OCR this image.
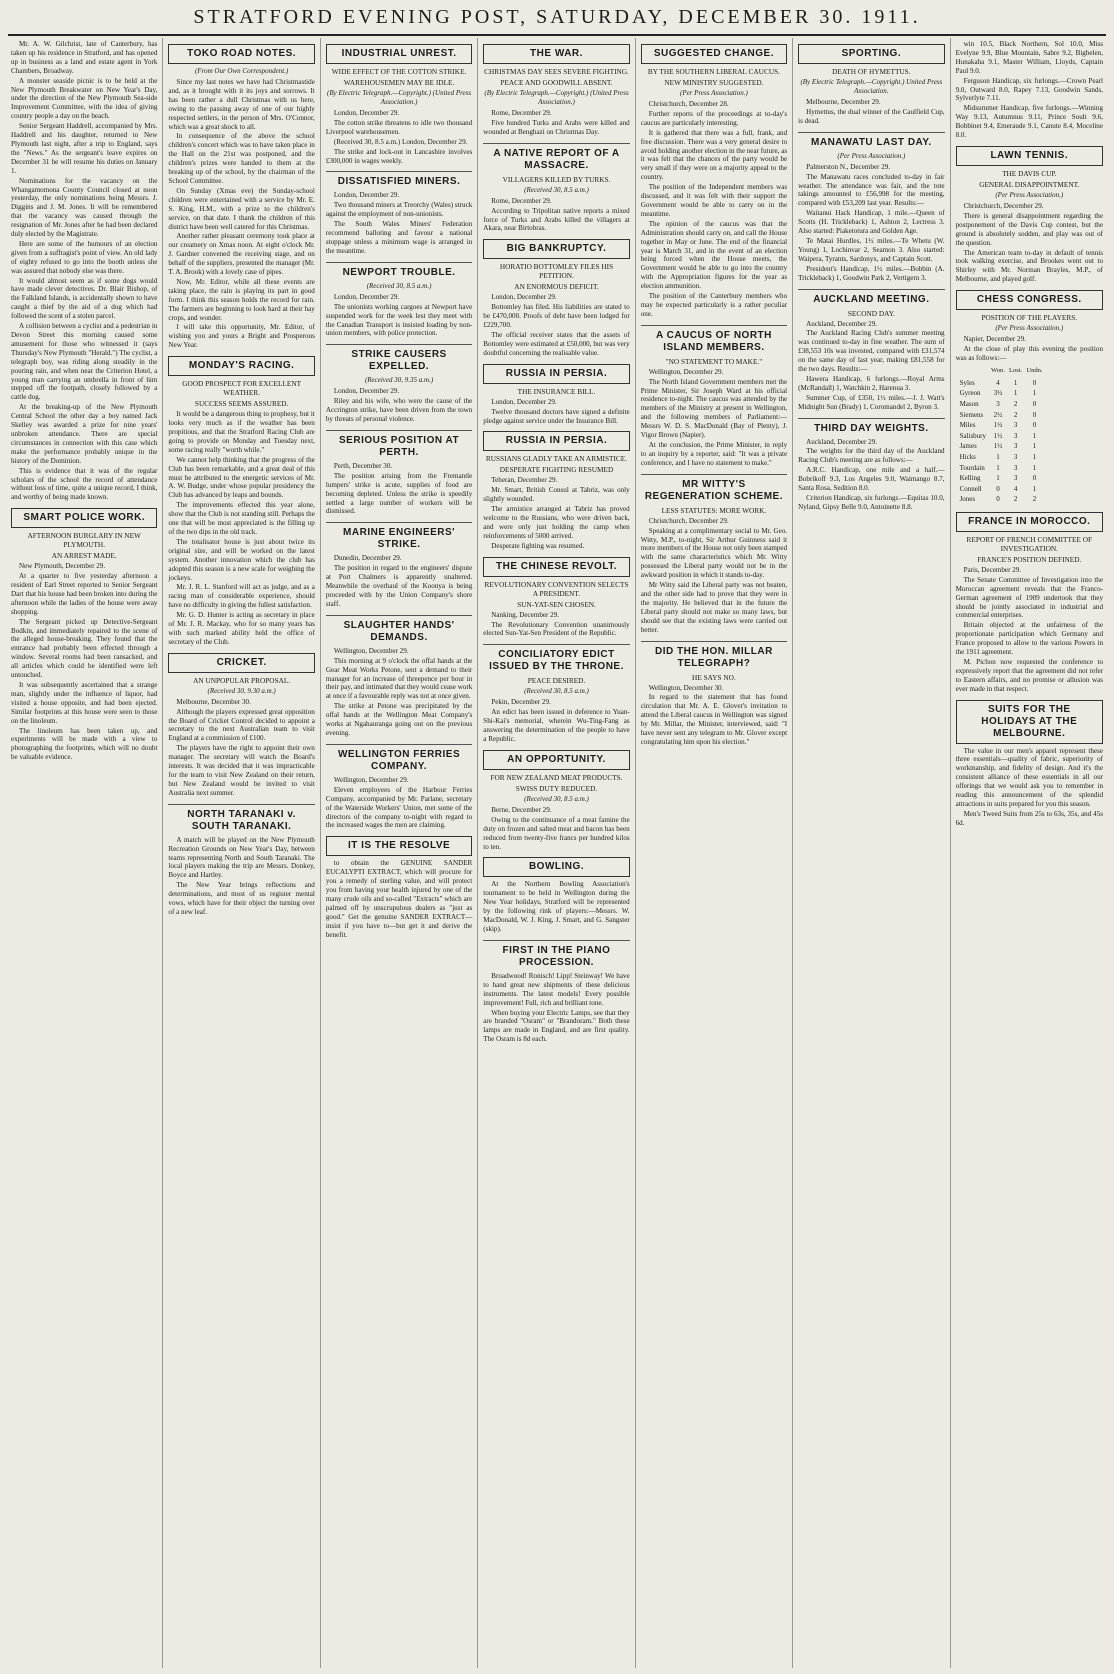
STRATFORD EVENING POST, SATURDAY, DECEMBER 30. 1911.

Mr. A. W. Gilchrist, late of Canterbury, has taken up his residence in Stratford, and has opened up in business as a land and estate agent in York Chambers, Broadway.

A monster seaside picnic is to be held at the New Plymouth Breakwater on New Year's Day, under the direction of the New Plymouth Sea-side Improvement Committee, with the idea of giving country people a day on the beach.

Senior Sergeant Haddrell, accompanied by Mrs. Haddrell and his daughter, returned to New Plymouth last night, after a trip to England, says the "News." As the sergeant's leave expires on December 31 he will resume his duties on January 1.

Nominations for the vacancy on the Whangamomona County Council closed at noon yesterday, the only nominations being Messrs. J. Diggins and J. M. Jones. It will be remembered that the vacancy was caused through the resignation of Mr. Jones after he had been declared duly elected by the Magistrate.

Here are some of the humours of an election given from a suffragist's point of view. An old lady of eighty refused to go into the booth unless she was assured that nobody else was there.

It would almost seem as if some dogs would have made clever detectives. Dr. Blair Bishop, of the Falkland Islands, is accidentally shown to have caught a thief by the aid of a dog which had followed the scent of a stolen parcel.

A collision between a cyclist and a pedestrian in Devon Street this morning caused some amusement for those who witnessed it (says Thursday's New Plymouth "Herald.") The cyclist, a telegraph boy, was riding along steadily in the pouring rain, and when near the Criterion Hotel, a young man carrying an umbrella in front of him stepped off the footpath, closely followed by a cattle dog.

At the breaking-up of the New Plymouth Central School the other day a boy named Jack Skelley was awarded a prize for nine years' unbroken attendance. There are special circumstances in connection with this case which make the performance probably unique in the history of the Dominion.

This is evidence that it was of the regular scholars of the school the record of attendance without loss of time, quite a unique record, I think, and worthy of being made known.

SMART POLICE WORK.
AFTERNOON BURGLARY IN NEW PLYMOUTH.
AN ARREST MADE.

New Plymouth, December 29.

At a quarter to five yesterday afternoon a resident of Earl Street reported to Senior Sergeant Dart that his house had been broken into during the afternoon while the ladies of the house were away shopping.

The Sergeant picked up Detective-Sergeant Bodkin, and immediately repaired to the scene of the alleged house-breaking. They found that the entrance had probably been effected through a window. Several rooms had been ransacked, and all articles which could be identified were left untouched.

It was subsequently ascertained that a strange man, slightly under the influence of liquor, had visited a house opposite, and had been ejected. Similar footprints at this house were seen to those on the linoleum.

The linoleum has been taken up, and experiments will be made with a view to photographing the footprints, which will no doubt be valuable evidence.

TOKO ROAD NOTES.
(From Our Own Correspondent.)

Since my last notes we have had Christmastide and, as it brought with it its joys and sorrows. It has been rather a dull Christmas with us here, owing to the passing away of one of our highly respected settlers, in the person of Mrs. O'Connor, which was a great shock to all.

In consequence of the above the school children's concert which was to have taken place in the Hall on the 21st was postponed, and the children's prizes were handed to them at the breaking up of the school, by the chairman of the School Committee.

On Sunday (Xmas eve) the Sunday-school children were entertained with a service by Mr. E. S. King, H.M., with a prize to the children's service, on that date. I thank the children of this district have been well catered for this Christmas.

Another rather pleasant ceremony took place at our creamery on Xmas noon. At eight o'clock Mr. J. Gardner convened the receiving stage, and on behalf of the suppliers, presented the manager (Mr. T. A. Brook) with a lovely case of pipes.

Now, Mr. Editor, while all these events are taking place, the rain is playing its part in good form. I think this season holds the record for rain. The farmers are beginning to look hard at their hay crops, and wonder.

I will take this opportunity, Mr. Editor, of wishing you and yours a Bright and Prosperous New Year.

MONDAY'S RACING.
GOOD PROSPECT FOR EXCELLENT WEATHER.
SUCCESS SEEMS ASSURED.

It would be a dangerous thing to prophesy, but it looks very much as if the weather has been propitious, and that the Stratford Racing Club are going to provide on Monday and Tuesday next, some racing really "worth while."

We cannot help thinking that the progress of the Club has been remarkable, and a great deal of this must be attributed to the energetic services of Mr. A. W. Budge, under whose popular presidency the Club has advanced by leaps and bounds.

The improvements effected this year alone, show that the Club is not standing still. Perhaps the one that will be most appreciated is the filling up of the two dips in the old track.

The totalisator house is just about twice its original size, and will be worked on the latest system. Another innovation which the club has adopted this season is a new scale for weighing the jockeys.

Mr. J. R. L. Stanford will act as judge, and as a racing man of considerable experience, should have no difficulty in giving the fullest satisfaction.

Mr. G. D. Hunter is acting as secretary in place of Mr. J. R. Mackay, who for so many years has with such marked ability held the office of secretary of the Club.

CRICKET.
AN UNPOPULAR PROPOSAL.
(Received 30, 9.30 a.m.)

Melbourne, December 30.

Although the players expressed great opposition the Board of Cricket Control decided to appoint a secretary to the next Australian team to visit England at a commission of £100.

The players have the right to appoint their own manager. The secretary will watch the Board's interests. It was decided that it was impracticable for the team to visit New Zealand on their return, but New Zealand would be invited to visit Australia next summer.

NORTH TARANAKI v. SOUTH TARANAKI.

A match will be played on the New Plymouth Recreation Grounds on New Year's Day, between teams representing North and South Taranaki. The local players making the trip are Messrs. Donkey, Boyce and Hartley.

The New Year brings reflections and determinations, and most of us register mental vows, which have for their object the turning over of a new leaf.

INDUSTRIAL UNREST.
WIDE EFFECT OF THE COTTON STRIKE.
WAREHOUSEMEN MAY BE IDLE.
(By Electric Telegraph.—Copyright.) (United Press Association.)

London, December 29.

The cotton strike threatens to idle two thousand Liverpool warehousemen.

(Received 30, 8.5 a.m.) London, December 29.

The strike and lock-out in Lancashire involves £300,000 in wages weekly.

DISSATISFIED MINERS.

London, December 29.

Two thousand miners at Treorchy (Wales) struck against the employment of non-unionists.

The South Wales Miners' Federation recommend balloting and favour a national stoppage unless a minimum wage is arranged in the meantime.

NEWPORT TROUBLE.
(Received 30, 8.5 a.m.)

London, December 29.

The unionists working cargoes at Newport have suspended work for the week lest they meet with the Canadian Transport is insisted loading by non-union members, with police protection.

STRIKE CAUSERS EXPELLED.
(Received 30, 9.35 a.m.)

London, December 29.

Riley and his wife, who were the cause of the Accrington strike, have been driven from the town by threats of personal violence.

SERIOUS POSITION AT PERTH.

Perth, December 30.

The position arising from the Fremantle lumpers' strike is acute, supplies of food are becoming depleted. Unless the strike is speedily settled a large number of workers will be dismissed.

MARINE ENGINEERS' STRIKE.

Dunedin, December 29.

The position in regard to the engineers' dispute at Port Chalmers is apparently unaltered. Meanwhile the overhaul of the Koonya is being proceeded with by the Union Company's shore staff.

SLAUGHTER HANDS' DEMANDS.

Wellington, December 29.

This morning at 9 o'clock the offal hands at the Gear Meat Works Petone, sent a demand to their manager for an increase of threepence per hour in their pay, and intimated that they would cease work at once if a favourable reply was not at once given.

The strike at Petone was precipitated by the offal hands at the Wellington Meat Company's works at Ngahauranga going out on the previous evening.

WELLINGTON FERRIES COMPANY.

Wellington, December 29.

Eleven employees of the Harbour Ferries Company, accompanied by Mr. Parlane, secretary of the Waterside Workers' Union, met some of the directors of the company to-night with regard to the increased wages the men are claiming.

IT IS THE RESOLVE

to obtain the GENUINE SANDER EUCALYPTI EXTRACT, which will procure for you a remedy of sterling value, and will protect you from having your health injured by one of the many crude oils and so-called "Extracts" which are palmed off by unscrupulous dealers as "just as good." Get the genuine SANDER EXTRACT—insist if you have to—but get it and derive the benefit.

THE WAR.
CHRISTMAS DAY SEES SEVERE FIGHTING.
PEACE AND GOODWILL ABSENT.
(By Electric Telegraph.—Copyright.) (United Press Association.)

Rome, December 29.

Five hundred Turks and Arabs were killed and wounded at Benghazi on Christmas Day.

A NATIVE REPORT OF A MASSACRE.
VILLAGERS KILLED BY TURKS.
(Received 30, 8.5 a.m.)

Rome, December 29.

According to Tripolitan native reports a mixed force of Turks and Arabs killed the villagers at Akara, near Birtobras.

BIG BANKRUPTCY.
HORATIO BOTTOMLEY FILES HIS PETITION.
AN ENORMOUS DEFICIT.

London, December 29.

Bottomley has filed. His liabilities are stated to be £470,000. Proofs of debt have been lodged for £229,700.

The official receiver states that the assets of Bottomley were estimated at £50,000, but was very doubtful concerning the realisable value.

RUSSIA IN PERSIA.
THE INSURANCE BILL.

London, December 29.

Twelve thousand doctors have signed a definite pledge against service under the Insurance Bill.

RUSSIA IN PERSIA.
RUSSIANS GLADLY TAKE AN ARMISTICE.
DESPERATE FIGHTING RESUMED

Teheran, December 29.

Mr. Smart, British Consul at Tabriz, was only slightly wounded.

The armistice arranged at Tabriz has proved welcome to the Russians, who were driven back, and were only just holding the camp when reinforcements of 5000 arrived.

Desperate fighting was resumed.

THE CHINESE REVOLT.
REVOLUTIONARY CONVENTION SELECTS A PRESIDENT.
SUN-YAT-SEN CHOSEN.

Nanking, December 29.

The Revolutionary Convention unanimously elected Sun-Yat-Sen President of the Republic.

CONCILIATORY EDICT ISSUED BY THE THRONE.
PEACE DESIRED.
(Received 30, 8.5 a.m.)

Pekin, December 29.

An edict has been issued in deference to Yuan-Shi-Kai's memorial, wherein Wu-Ting-Fang as answering the determination of the people to have a Republic.

AN OPPORTUNITY.
FOR NEW ZEALAND MEAT PRODUCTS.
SWISS DUTY REDUCED.
(Received 30, 8.5 a.m.)

Berne, December 29.

Owing to the continuance of a meat famine the duty on frozen and salted meat and bacon has been reduced from twenty-five francs per hundred kilos to ten.

BOWLING.

At the Northern Bowling Association's tournament to be held in Wellington during the New Year holidays, Stratford will be represented by the following rink of players:—Messrs. W. MacDonald, W. J. King, J. Smart, and G. Sangster (skip).

FIRST IN THE PIANO PROCESSION.

Broadwood! Ronisch! Lipp! Steinway! We have to hand great new shipments of these delicious instruments. The latest models! Every possible improvement! Full, rich and brilliant tone.

When buying your Electric Lamps, see that they are branded "Osram" or "Brandoram." Both these lamps are made in England, and are first quality. The Osram is 8d each.

SUGGESTED CHANGE.
BY THE SOUTHERN LIBERAL CAUCUS.
NEW MINISTRY SUGGESTED.
(Per Press Association.)

Christchurch, December 28.

Further reports of the proceedings at to-day's caucus are particularly interesting.

It is gathered that there was a full, frank, and free discussion. There was a very general desire to avoid holding another election in the near future, as it was felt that the chances of the party would be very small if they were on a majority appeal to the country.

The position of the Independent members was discussed, and it was felt with their support the Government would be able to carry on in the meantime.

The opinion of the caucus was that the Administration should carry on, and call the House together in May or June. The end of the financial year is March 31, and in the event of an election being forced when the House meets, the Government would be able to go into the country with the Appropriation figures for the year as election ammunition.

The position of the Canterbury members who may be expected particularly is a rather peculiar one.

A CAUCUS OF NORTH ISLAND MEMBERS.
"NO STATEMENT TO MAKE."

Wellington, December 29.

The North Island Government members met the Prime Minister, Sir Joseph Ward at his official residence to-night. The caucus was attended by the members of the Ministry at present in Wellington, and the following members of Parliament:—Messrs W. D. S. MacDonald (Bay of Plenty), J. Vigor Brown (Napier).

At the conclusion, the Prime Minister, in reply to an inquiry by a reporter, said: "It was a private conference, and I have no statement to make."

MR WITTY'S REGENERATION SCHEME.
LESS STATUTES: MORE WORK.

Christchurch, December 29.

Speaking at a complimentary social to Mr. Geo. Witty, M.P., to-night, Sir Arthur Guinness said it more members of the House not only been stamped with the same characteristics which Mr. Witty possessed the Liberal party would not be in the awkward position in which it stands to-day.

Mr Witty said the Liberal party was not beaten, and the other side had to prove that they were in the majority. He believed that in the future the Liberal party should not make so many laws, but should see that the existing laws were carried out better.

DID THE HON. MILLAR TELEGRAPH?
HE SAYS NO.

Wellington, December 30.

In regard to the statement that has found circulation that Mr. A. E. Glover's invitation to attend the Liberal caucus in Wellington was signed by Mr. Millar, the Minister, interviewed, said: "I have never sent any telegram to Mr. Glover except congratulating him upon his election."

SPORTING.
DEATH OF HYMETTUS.
(By Electric Telegraph.—Copyright.) United Press Association.

Melbourne, December 29.

Hymettus, the dual winner of the Caulfield Cup, is dead.

MANAWATU LAST DAY.
(Per Press Association.)

Palmerston N., December 29.

The Manawatu races concluded to-day in fair weather. The attendance was fair, and the tote takings amounted to £56,998 for the meeting, compared with £53,209 last year. Results:—

Waitanui Hack Handicap, 1 mile.—Queen of Scotts (H. Trickleback) 1, Ashton 2, Lectress 3. Also started: Piaketotura and Golden Age.

Te Matai Hurdles, 1½ miles.—Te Whetu (W. Young) 1, Lochinvar 2, Seamon 3. Also started: Waipera, Tyrants, Sardonyx, and Captain Scott.

President's Handicap, 1½ miles.—Bobbin (A. Trickleback) 1, Goodwin Park 2, Vertigern 3.

AUCKLAND MEETING.
SECOND DAY.

Auckland, December 29.

The Auckland Racing Club's summer meeting was continued to-day in fine weather. The sum of £38,553 10s was invested, compared with £31,574 on the same day of last year, making £81,558 for the two days. Results:—

Hawera Handicap, 6 furlongs.—Royal Arms (McRandall) 1, Watchkin 2, Harenua 3.

Summer Cup, of £350, 1½ miles.—J. J. Watt's Midnight Sun (Brady) 1, Coromandel 2, Byron 3.

THIRD DAY WEIGHTS.

Auckland, December 29.

The weights for the third day of the Auckland Racing Club's meeting are as follows:—

A.R.C. Handicap, one mile and a half.—Bobrikoff 9.3, Los Angeles 9.0, Waimango 8.7, Santa Rosa, Sedition 8.0.

Criterion Handicap, six furlongs.—Equitas 10.0, Nyland, Gipsy Belle 9.0, Antoinette 8.8.

win 10.5, Black Northern, Sol 10.0, Miss Evelyne 9.9, Blue Mountain, Sabre 9.2, Bigbelen, Hunakaha 9.1, Master William, Lloyds, Captain Paul 9.0.

Ferguson Handicap, six furlongs.—Crown Pearl 9.0, Outward 8.0, Rapey 7.13, Goodwin Sands, Sylverlyte 7.11.

Midsummer Handicap, five furlongs.—Winning Way 9.13, Autumnus 9.11, Prince Soult 9.6, Bobbinet 9.4, Emeraude 9.1, Canute 8.4, Moceline 8.0.

LAWN TENNIS.
THE DAVIS CUP.
GENERAL DISAPPOINTMENT.
(Per Press Association.)

Christchurch, December 29.

There is general disappointment regarding the postponement of the Davis Cup contest, but the ground is absolutely sodden, and play was out of the question.

The American team to-day in default of tennis took walking exercise, and Brookes went out to Shirley with Mr. Norman Brayles, M.P., of Melbourne, and played golf.

CHESS CONGRESS.
POSITION OF THE PLAYERS.
(Per Press Association.)

Napier, December 29.

At the close of play this evening the position was as follows:—

	Won.	Lost.	Undn.
Syles	4	1	0
Gyreon	3½	1	1
Mason	3	2	0
Siemens	2½	2	0
Miles	1½	3	0
Salisbury	1½	3	1
James	1½	3	1
Hicks	1	3	1
Tourdain	1	3	1
Kelling	1	3	0
Connell	0	4	1
Jones	0	2	2
FRANCE IN MOROCCO.
REPORT OF FRENCH COMMITTEE OF INVESTIGATION.
FRANCE'S POSITION DEFINED.

Paris, December 29.

The Senate Committee of Investigation into the Moroccan agreement reveals that the Franco-German agreement of 1909 undertook that they should be jointly associated in industrial and commercial enterprises.

Britain objected at the unfairness of the proportionate participation which Germany and France proposed to allow to the various Powers in the 1911 agreement.

M. Pichon now requested the conference to expressively report that the agreement did not refer to Eastern affairs, and no promise or allusion was ever made in that respect.

SUITS FOR THE HOLIDAYS AT THE MELBOURNE.

The value in our men's apparel represent these three essentials—quality of fabric, superiority of workmanship, and fidelity of design. And it's the consistent alliance of these essentials in all our offerings that we would ask you to remember in reading this announcement of the splendid attractions in suits prepared for you this season.

Men's Tweed Suits from 25s to 63s, 35s, and 45s 6d.
